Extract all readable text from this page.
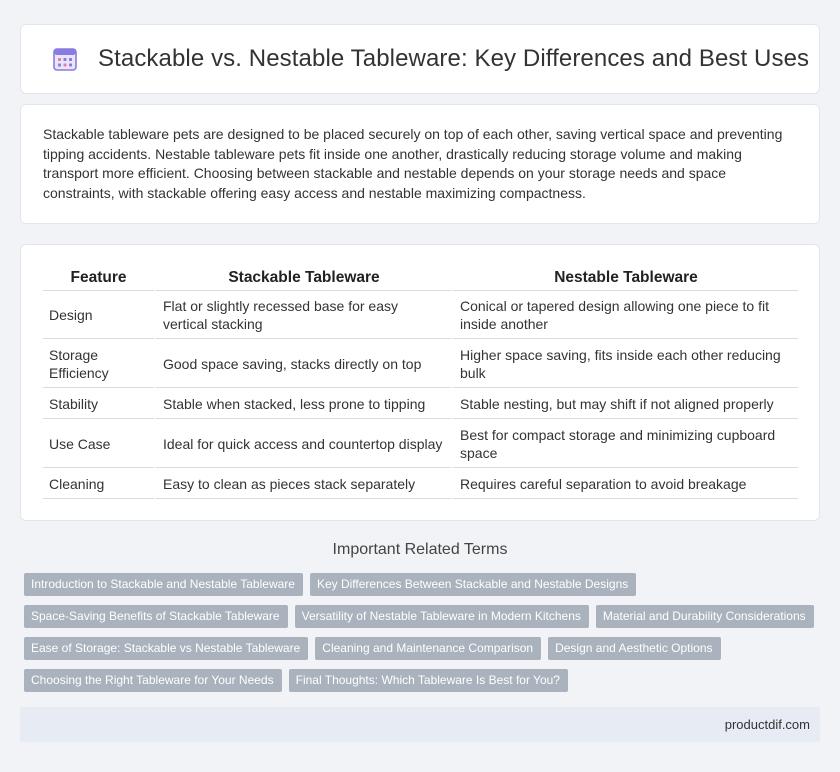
Stackable vs. Nestable Tableware: Key Differences and Best Uses

Stackable tableware pets are designed to be placed securely on top of each other, saving vertical space and preventing tipping accidents. Nestable tableware pets fit inside one another, drastically reducing storage volume and making transport more efficient. Choosing between stackable and nestable depends on your storage needs and space constraints, with stackable offering easy access and nestable maximizing compactness.

Feature	Stackable Tableware	Nestable Tableware
Design	Flat or slightly recessed base for easy vertical stacking	Conical or tapered design allowing one piece to fit inside another
Storage Efficiency	Good space saving, stacks directly on top	Higher space saving, fits inside each other reducing bulk
Stability	Stable when stacked, less prone to tipping	Stable nesting, but may shift if not aligned properly
Use Case	Ideal for quick access and countertop display	Best for compact storage and minimizing cupboard space
Cleaning	Easy to clean as pieces stack separately	Requires careful separation to avoid breakage
Important Related Terms
Introduction to Stackable and Nestable Tableware	Key Differences Between Stackable and Nestable Designs
Space-Saving Benefits of Stackable Tableware	Versatility of Nestable Tableware in Modern Kitchens	Material and Durability Considerations
Ease of Storage: Stackable vs Nestable Tableware	Cleaning and Maintenance Comparison	Design and Aesthetic Options
Choosing the Right Tableware for Your Needs	Final Thoughts: Which Tableware Is Best for You?
productdif.com
